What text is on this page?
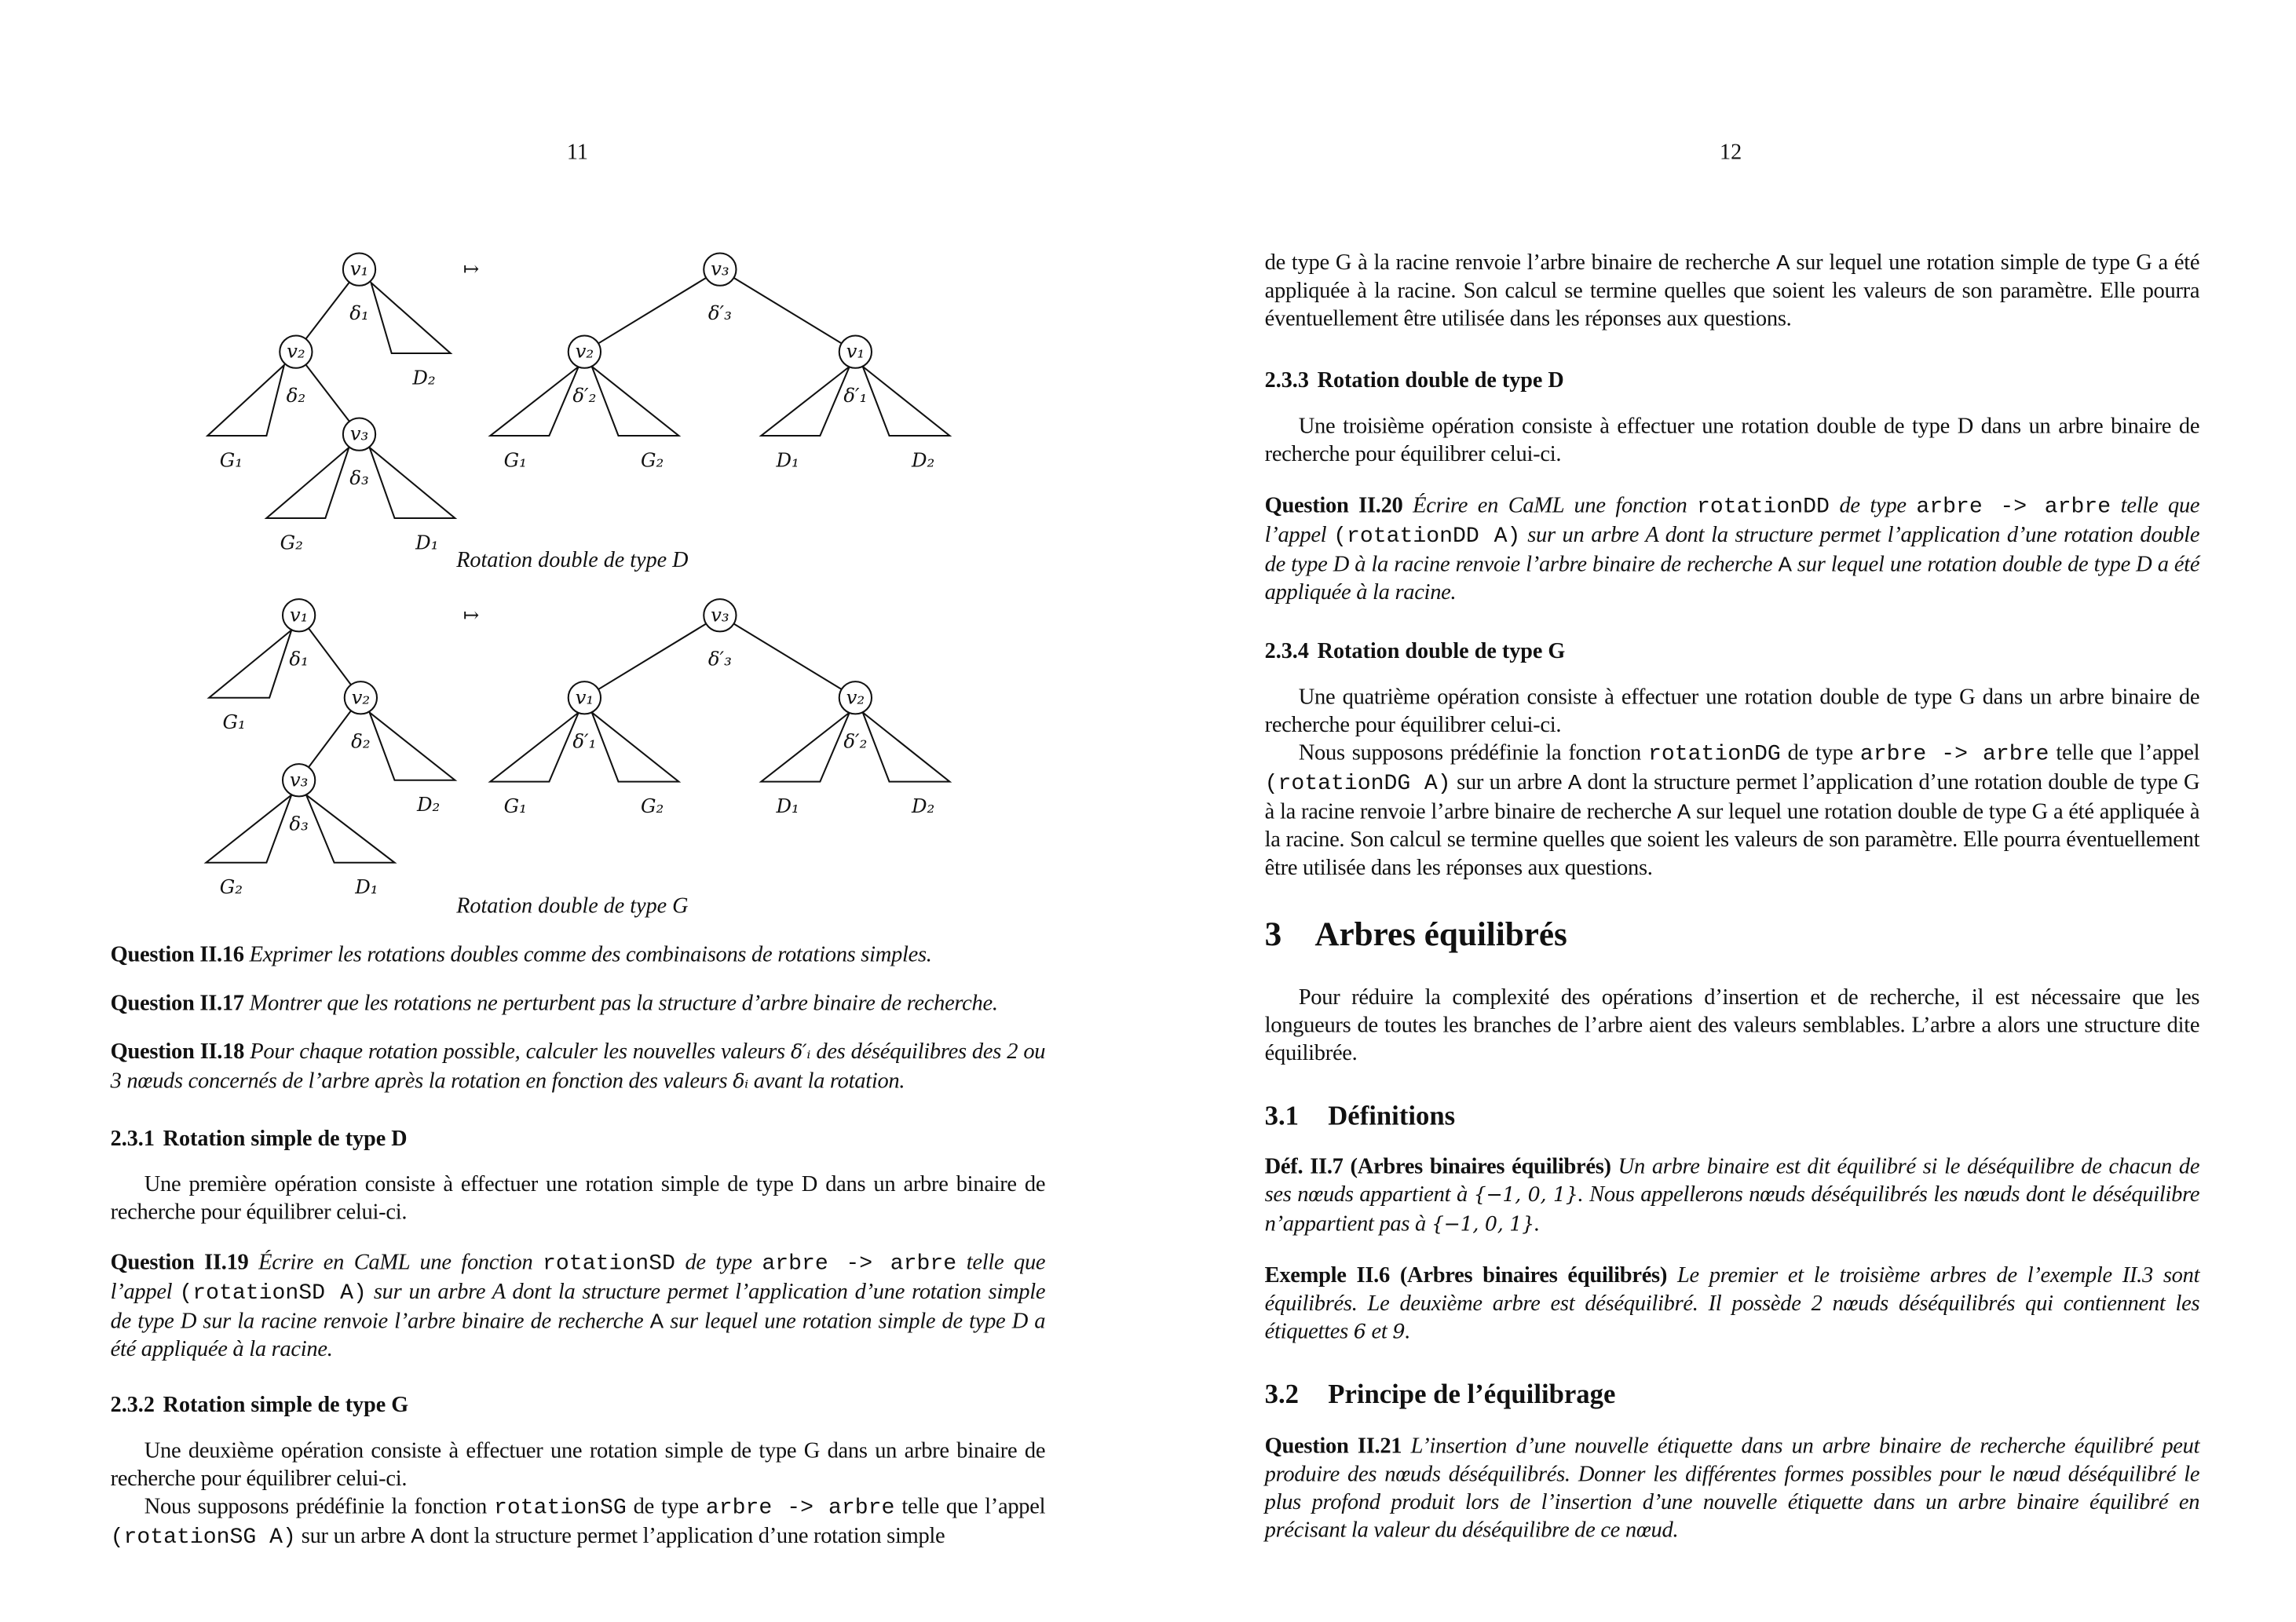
11	12
↦
D₂
G₁
G₂	D₁
v₁
v₂
v₃
δ₁
δ₂
δ₃
G₁	G₂	D₁	D₂
v₃
v₂	v₁
δ′₃
δ′₂	δ′₁
↦
G₁
D₂
G₂	D₁
v₁
v₂
v₃
δ₁
δ₂
δ₃
G₁	G₂	D₁	D₂
v₃
v₁	v₂
δ′₃
δ′₁	δ′₂
Rotation double de type D
Rotation double de type G
Question II.16 Exprimer les rotations doubles comme des combinaisons de rotations simples.
Question II.17 Montrer que les rotations ne perturbent pas la structure d’arbre binaire de recherche.
Question II.18 Pour chaque rotation possible, calculer les nouvelles valeurs δ′ᵢ des déséquilibres des 2 ou 3 nœuds concernés de l’arbre après la rotation en fonction des valeurs δᵢ avant la rotation.
2.3.1 Rotation simple de type D
Une première opération consiste à effectuer une rotation simple de type D dans un arbre binaire de recherche pour équilibrer celui-ci.
Question II.19 Écrire en CaML une fonction rotationSD de type arbre -> arbre telle que l’appel (rotationSD A) sur un arbre A dont la structure permet l’application d’une rotation simple de type D sur la racine renvoie l’arbre binaire de recherche A sur lequel une rotation simple de type D a été appliquée à la racine.
2.3.2 Rotation simple de type G
Une deuxième opération consiste à effectuer une rotation simple de type G dans un arbre binaire de recherche pour équilibrer celui-ci.
Nous supposons prédéfinie la fonction rotationSG de type arbre -> arbre telle que l’appel (rotationSG A) sur un arbre A dont la structure permet l’application d’une rotation simple
de type G à la racine renvoie l’arbre binaire de recherche A sur lequel une rotation simple de type G a été appliquée à la racine. Son calcul se termine quelles que soient les valeurs de son paramètre. Elle pourra éventuellement être utilisée dans les réponses aux questions.
2.3.3 Rotation double de type D
Une troisième opération consiste à effectuer une rotation double de type D dans un arbre binaire de recherche pour équilibrer celui-ci.
Question II.20 Écrire en CaML une fonction rotationDD de type arbre -> arbre telle que l’appel (rotationDD A) sur un arbre A dont la structure permet l’application d’une rotation double de type D à la racine renvoie l’arbre binaire de recherche A sur lequel une rotation double de type D a été appliquée à la racine.
2.3.4 Rotation double de type G
Une quatrième opération consiste à effectuer une rotation double de type G dans un arbre binaire de recherche pour équilibrer celui-ci.
Nous supposons prédéfinie la fonction rotationDG de type arbre -> arbre telle que l’appel (rotationDG A) sur un arbre A dont la structure permet l’application d’une rotation double de type G à la racine renvoie l’arbre binaire de recherche A sur lequel une rotation double de type G a été appliquée à la racine. Son calcul se termine quelles que soient les valeurs de son paramètre. Elle pourra éventuellement être utilisée dans les réponses aux questions.
3 Arbres équilibrés
Pour réduire la complexité des opérations d’insertion et de recherche, il est nécessaire que les longueurs de toutes les branches de l’arbre aient des valeurs semblables. L’arbre a alors une structure dite équilibrée.
3.1 Définitions
Déf. II.7 (Arbres binaires équilibrés) Un arbre binaire est dit équilibré si le déséquilibre de chacun de ses nœuds appartient à {−1, 0, 1}. Nous appellerons nœuds déséquilibrés les nœuds dont le déséquilibre n’appartient pas à {−1, 0, 1}.
Exemple II.6 (Arbres binaires équilibrés) Le premier et le troisième arbres de l’exemple II.3 sont équilibrés. Le deuxième arbre est déséquilibré. Il possède 2 nœuds déséquilibrés qui contiennent les étiquettes 6 et 9.
3.2 Principe de l’équilibrage
Question II.21 L’insertion d’une nouvelle étiquette dans un arbre binaire de recherche équilibré peut produire des nœuds déséquilibrés. Donner les différentes formes possibles pour le nœud déséquilibré le plus profond produit lors de l’insertion d’une nouvelle étiquette dans un arbre binaire équilibré en précisant la valeur du déséquilibre de ce nœud.
